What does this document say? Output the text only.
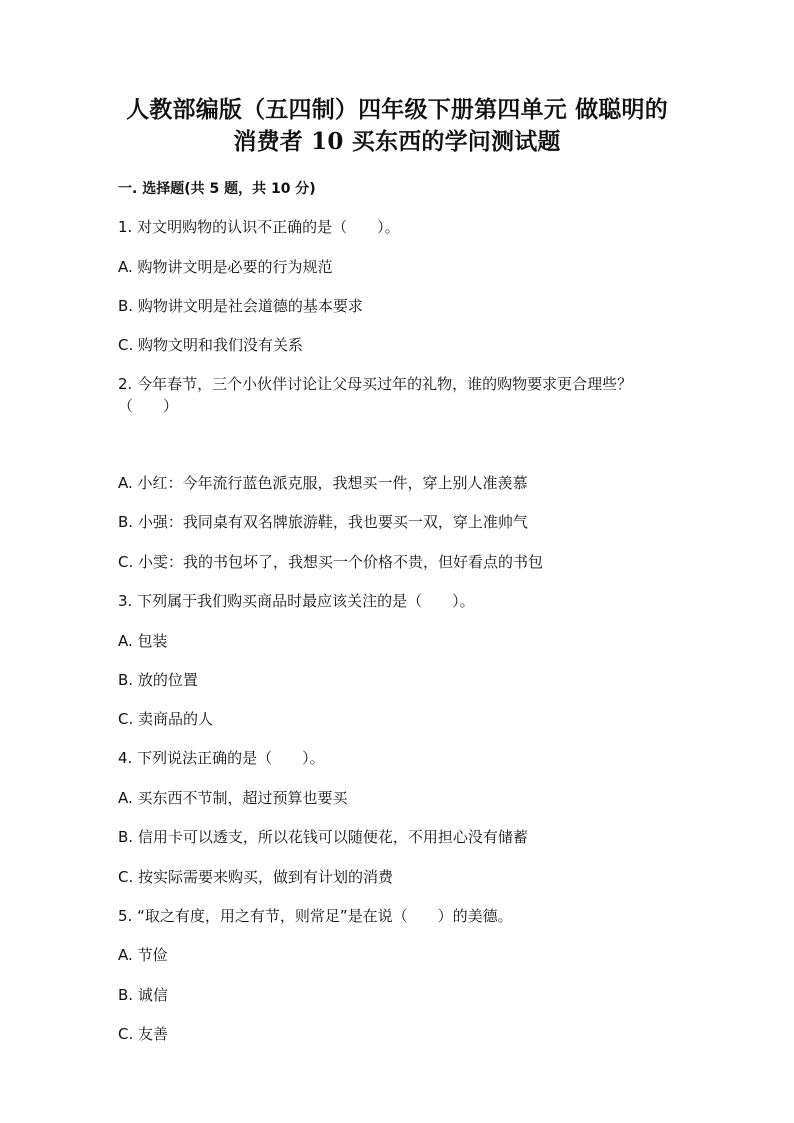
人教部编版（五四制）四年级下册第四单元 做聪明的消费者 10 买东西的学问测试题
一. 选择题(共 5 题，共 10 分)
1. 对文明购物的认识不正确的是（　　）。
A. 购物讲文明是必要的行为规范
B. 购物讲文明是社会道德的基本要求
C. 购物文明和我们没有关系
2. 今年春节，三个小伙伴讨论让父母买过年的礼物，谁的购物要求更合理些？（　　）
A. 小红：今年流行蓝色派克服，我想买一件，穿上别人准羡慕
B. 小强：我同桌有双名牌旅游鞋，我也要买一双，穿上准帅气
C. 小雯：我的书包坏了，我想买一个价格不贵，但好看点的书包
3. 下列属于我们购买商品时最应该关注的是（　　）。
A. 包装
B. 放的位置
C. 卖商品的人
4. 下列说法正确的是（　　）。
A. 买东西不节制，超过预算也要买
B. 信用卡可以透支，所以花钱可以随便花，不用担心没有储蓄
C. 按实际需要来购买，做到有计划的消费
5. “取之有度，用之有节，则常足”是在说（　　）的美德。
A. 节俭
B. 诚信
C. 友善
